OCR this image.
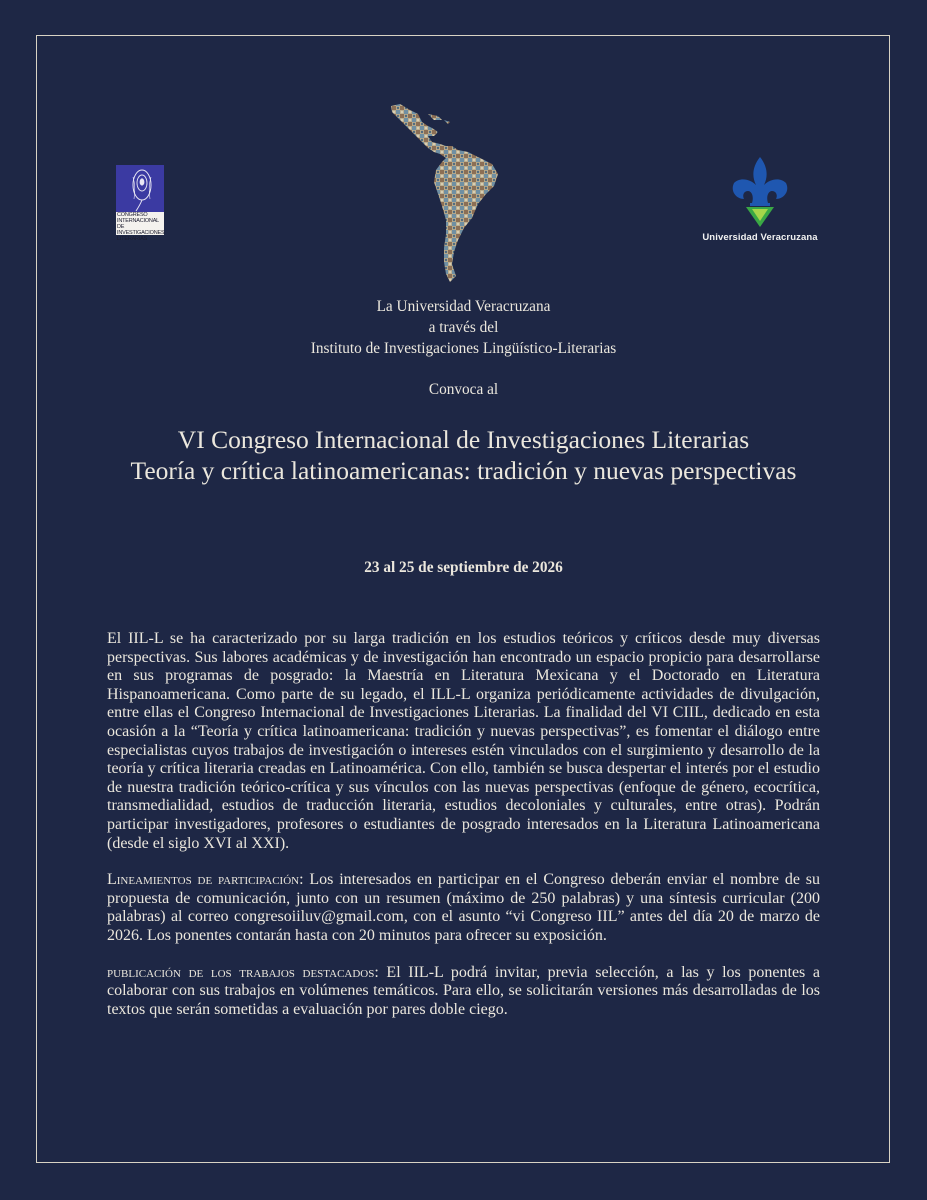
CONGRESO
INTERNACIONAL DE
INVESTIGACIONES
LITERARIAS	Universidad Veracruzana
La Universidad Veracruzana
a través del
Instituto de Investigaciones Lingüístico-Literarias
Convoca al
VI Congreso Internacional de Investigaciones Literarias
Teoría y crítica latinoamericanas: tradición y nuevas perspectivas
23 al 25 de septiembre de 2026

El IIL-L se ha caracterizado por su larga tradición en los estudios teóricos y críticos desde muy diversas perspectivas. Sus labores académicas y de investigación han encontrado un espacio propicio para desarrollarse en sus programas de posgrado: la Maestría en Literatura Mexicana y el Doctorado en Literatura Hispanoamericana. Como parte de su legado, el ILL-L organiza periódicamente actividades de divulgación, entre ellas el Congreso Internacional de Investigaciones Literarias. La finalidad del VI CIIL, dedicado en esta ocasión a la “Teoría y crítica latinoamericana: tradición y nuevas perspectivas”, es fomentar el diálogo entre especialistas cuyos trabajos de investigación o intereses estén vinculados con el surgimiento y desarrollo de la teoría y crítica literaria creadas en Latinoamérica. Con ello, también se busca despertar el interés por el estudio de nuestra tradición teórico-crítica y sus vínculos con las nuevas perspectivas (enfoque de género, ecocrítica, transmedialidad, estudios de traducción literaria, estudios decoloniales y culturales, entre otras). Podrán participar investigadores, profesores o estudiantes de posgrado interesados en la Literatura Latinoamericana (desde el siglo XVI al XXI).

Lineamientos de participación: Los interesados en participar en el Congreso deberán enviar el nombre de su propuesta de comunicación, junto con un resumen (máximo de 250 palabras) y una síntesis curricular (200 palabras) al correo congresoiiluv@gmail.com, con el asunto “vi Congreso IIL” antes del día 20 de marzo de 2026. Los ponentes contarán hasta con 20 minutos para ofrecer su exposición.

publicación de los trabajos destacados: El IIL-L podrá invitar, previa selección, a las y los ponentes a colaborar con sus trabajos en volúmenes temáticos. Para ello, se solicitarán versiones más desarrolladas de los textos que serán sometidas a evaluación por pares doble ciego.
